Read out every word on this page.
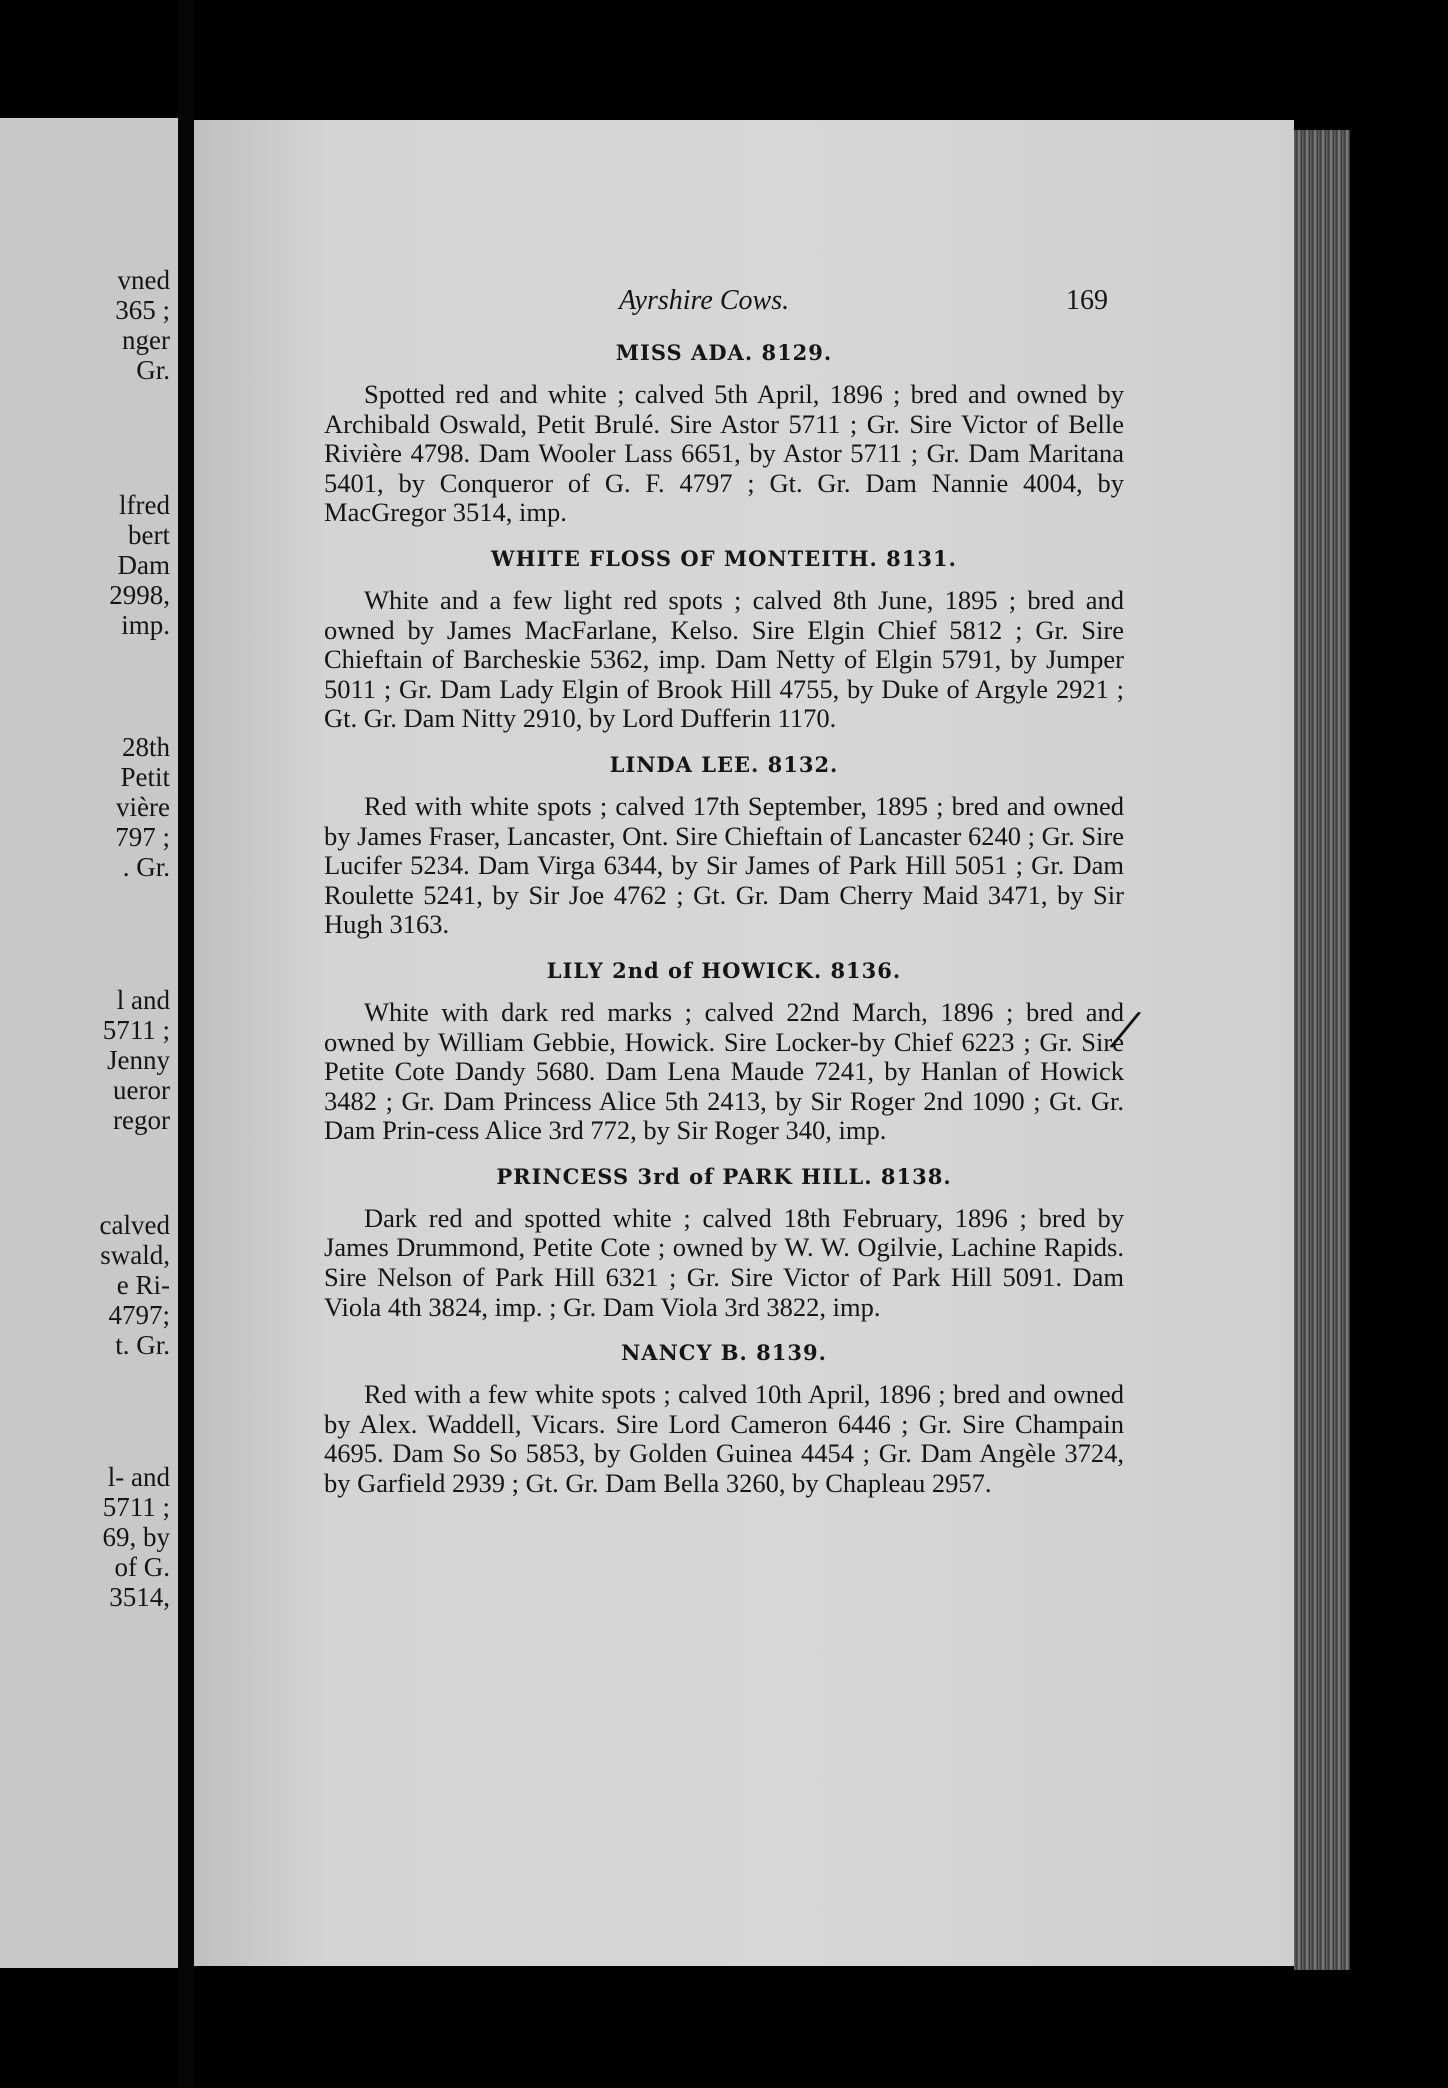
vned
365 ;
nger
Gr.
lfred
bert
Dam
2998,
imp.
28th
Petit
vière
797 ;
. Gr.
l and
5711 ;
Jenny
ueror
regor
calved
swald,
e Ri-
4797;
t. Gr.
l- and
5711 ;
69, by
of G.
3514,
Ayrshire Cows.	169

MISS ADA. 8129.

Spotted red and white ; calved 5th April, 1896 ; bred and owned by Archibald Oswald, Petit Brulé. Sire Astor 5711 ; Gr. Sire Victor of Belle Rivière 4798. Dam Wooler Lass 6651, by Astor 5711 ; Gr. Dam Maritana 5401, by Conqueror of G. F. 4797 ; Gt. Gr. Dam Nannie 4004, by MacGregor 3514, imp.

WHITE FLOSS OF MONTEITH. 8131.

White and a few light red spots ; calved 8th June, 1895 ; bred and owned by James MacFarlane, Kelso. Sire Elgin Chief 5812 ; Gr. Sire Chieftain of Barcheskie 5362, imp. Dam Netty of Elgin 5791, by Jumper 5011 ; Gr. Dam Lady Elgin of Brook Hill 4755, by Duke of Argyle 2921 ; Gt. Gr. Dam Nitty 2910, by Lord Dufferin 1170.

LINDA LEE. 8132.

Red with white spots ; calved 17th September, 1895 ; bred and owned by James Fraser, Lancaster, Ont. Sire Chieftain of Lancaster 6240 ; Gr. Sire Lucifer 5234. Dam Virga 6344, by Sir James of Park Hill 5051 ; Gr. Dam Roulette 5241, by Sir Joe 4762 ; Gt. Gr. Dam Cherry Maid 3471, by Sir Hugh 3163.

LILY 2nd of HOWICK. 8136.

White with dark red marks ; calved 22nd March, 1896 ; bred and owned by William Gebbie, Howick. Sire Locker-by Chief 6223 ; Gr. Sire Petite Cote Dandy 5680. Dam Lena Maude 7241, by Hanlan of Howick 3482 ; Gr. Dam Princess Alice 5th 2413, by Sir Roger 2nd 1090 ; Gt. Gr. Dam Prin-cess Alice 3rd 772, by Sir Roger 340, imp.

PRINCESS 3rd of PARK HILL. 8138.

Dark red and spotted white ; calved 18th February, 1896 ; bred by James Drummond, Petite Cote ; owned by W. W. Ogilvie, Lachine Rapids. Sire Nelson of Park Hill 6321 ; Gr. Sire Victor of Park Hill 5091. Dam Viola 4th 3824, imp. ; Gr. Dam Viola 3rd 3822, imp.

NANCY B. 8139.

Red with a few white spots ; calved 10th April, 1896 ; bred and owned by Alex. Waddell, Vicars. Sire Lord Cameron 6446 ; Gr. Sire Champain 4695. Dam So So 5853, by Golden Guinea 4454 ; Gr. Dam Angèle 3724, by Garfield 2939 ; Gt. Gr. Dam Bella 3260, by Chapleau 2957.

/
